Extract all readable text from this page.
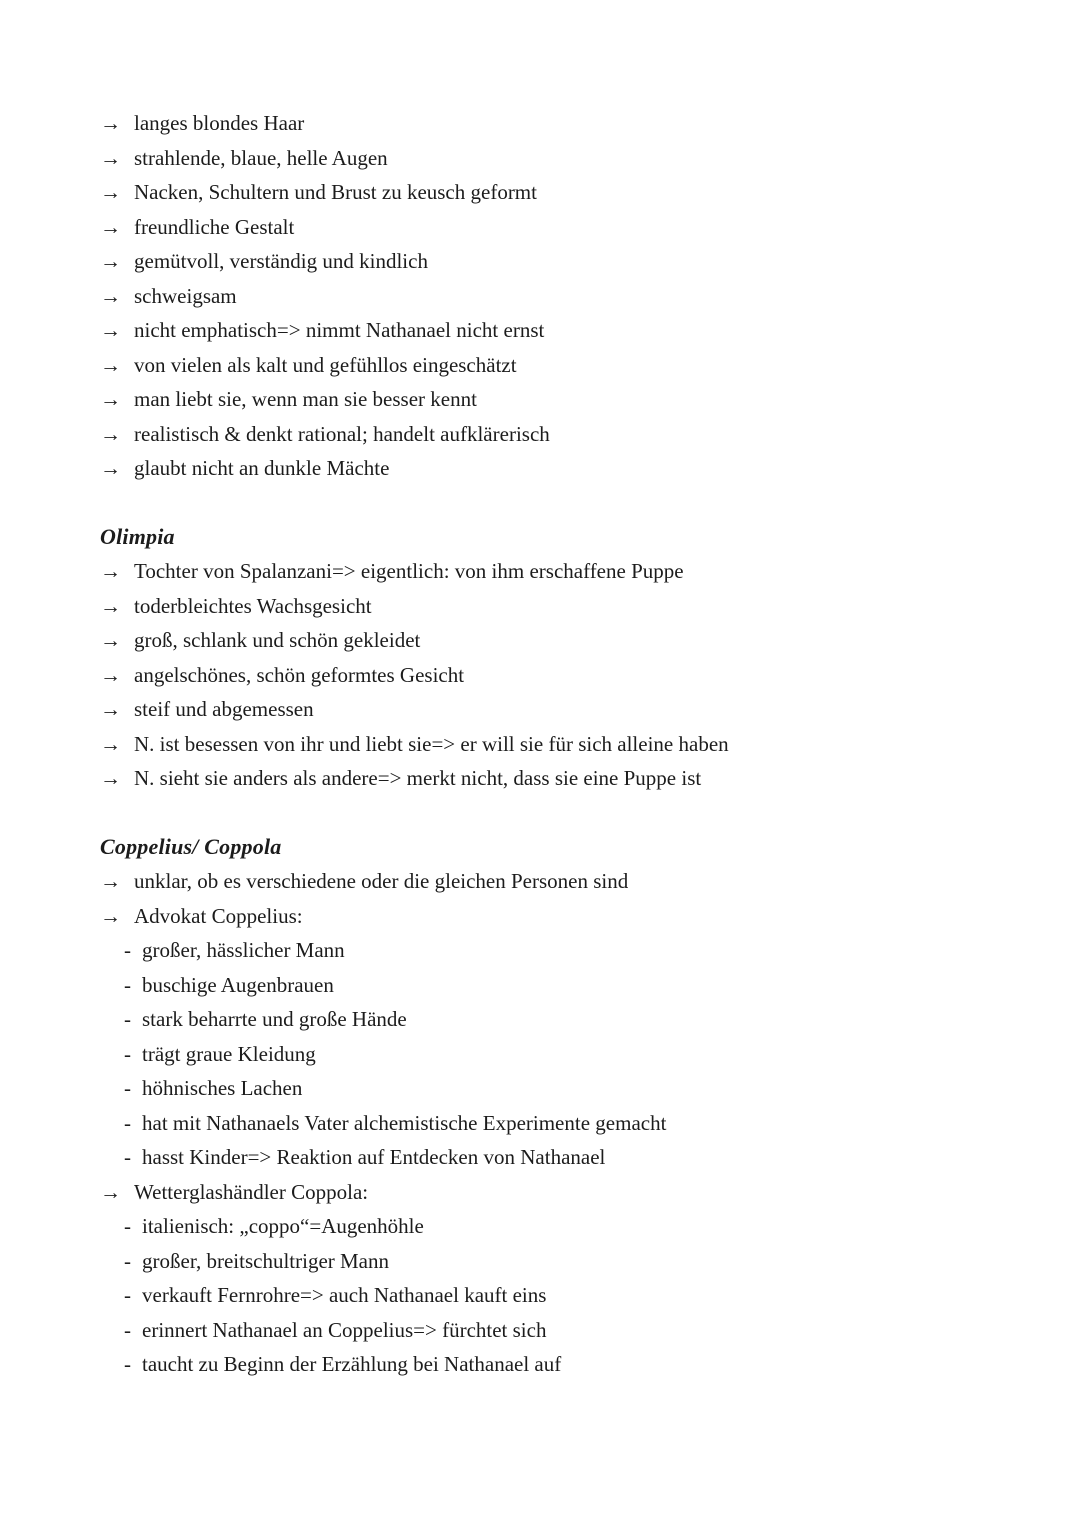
→ langes blondes Haar
→ strahlende, blaue, helle Augen
→ Nacken, Schultern und Brust zu keusch geformt
→ freundliche Gestalt
→ gemütvoll, verständig und kindlich
→ schweigsam
→ nicht emphatisch=> nimmt Nathanael nicht ernst
→ von vielen als kalt und gefühllos eingeschätzt
→ man liebt sie, wenn man sie besser kennt
→ realistisch & denkt rational; handelt aufklärerisch
→ glaubt nicht an dunkle Mächte
Olimpia
→ Tochter von Spalanzani=> eigentlich: von ihm erschaffene Puppe
→ toderbleichtes Wachsgesicht
→ groß, schlank und schön gekleidet
→ angelschönes, schön geformtes Gesicht
→ steif und abgemessen
→ N. ist besessen von ihr und liebt sie=> er will sie für sich alleine haben
→ N. sieht sie anders als andere=> merkt nicht, dass sie eine Puppe ist
Coppelius/ Coppola
→ unklar, ob es verschiedene oder die gleichen Personen sind
→ Advokat Coppelius:
- großer, hässlicher Mann
- buschige Augenbrauen
- stark beharrte und große Hände
- trägt graue Kleidung
- höhnisches Lachen
- hat mit Nathanaels Vater alchemistische Experimente gemacht
- hasst Kinder=> Reaktion auf Entdecken von Nathanael
→ Wetterglashändler Coppola:
- italienisch: „coppo“=Augenhöhle
- großer, breitschultriger Mann
- verkauft Fernrohre=> auch Nathanael kauft eins
- erinnert Nathanael an Coppelius=> fürchtet sich
- taucht zu Beginn der Erzählung bei Nathanael auf
